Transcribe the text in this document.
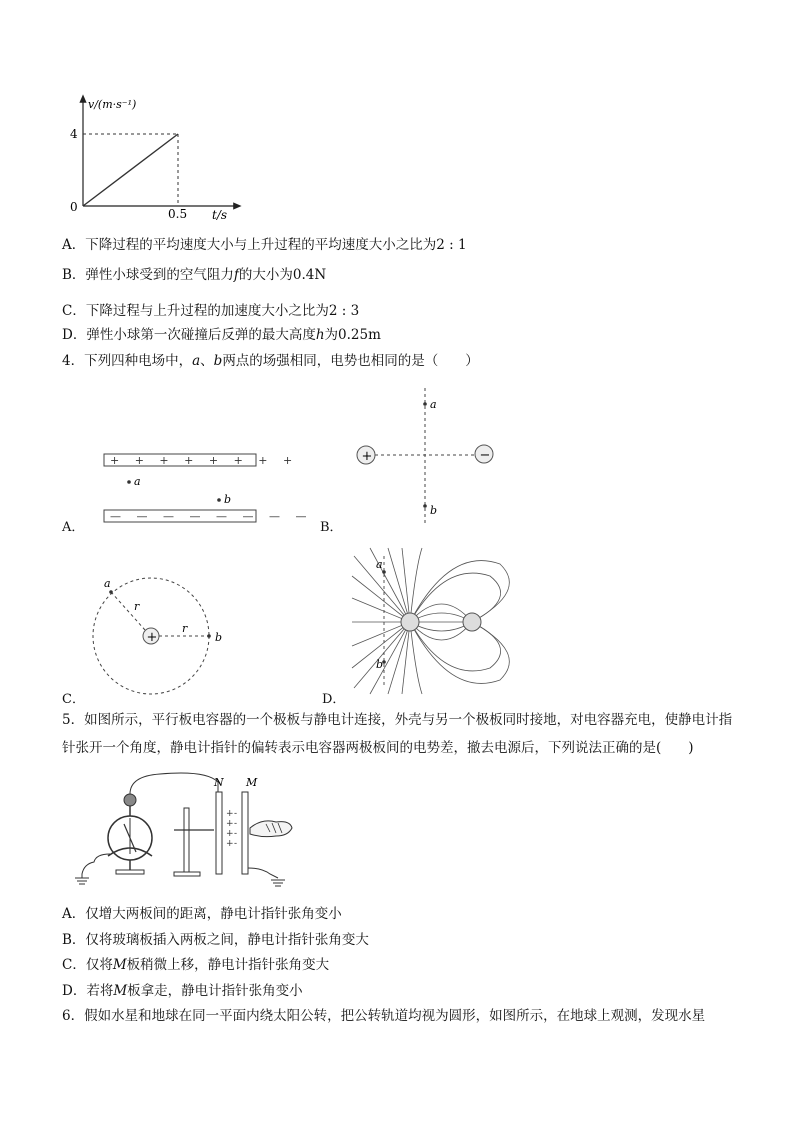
v/(m·s⁻¹)
4
0	0.5 t/s
A．下降过程的平均速度大小与上升过程的平均速度大小之比为2 : 1
B．弹性小球受到的空气阻力f的大小为0.4N
C．下降过程与上升过程的加速度大小之比为2 : 3
D．弹性小球第一次碰撞后反弹的最大高度h为0.25m
4．下列四种电场中，a、b两点的场强相同，电势也相同的是（　　）
+ + + + + + + +
— — — — — — — —
a
b
A．
+	−
a
b
B．
+
a
b
r
r
C．
a
b
D．
5．如图所示，平行板电容器的一个极板与静电计连接，外壳与另一个极板同时接地，对电容器充电，使静电计指针张开一个角度，静电计指针的偏转表示电容器两极板间的电势差，撤去电源后，下列说法正确的是(　　)
N
+
+
+
+
M
-
-
-
-
A．仅增大两板间的距离，静电计指针张角变小
B．仅将玻璃板插入两板之间，静电计指针张角变大
C．仅将M板稍微上移，静电计指针张角变大
D．若将M板拿走，静电计指针张角变小
6．假如水星和地球在同一平面内绕太阳公转，把公转轨道均视为圆形，如图所示，在地球上观测，发现水星
